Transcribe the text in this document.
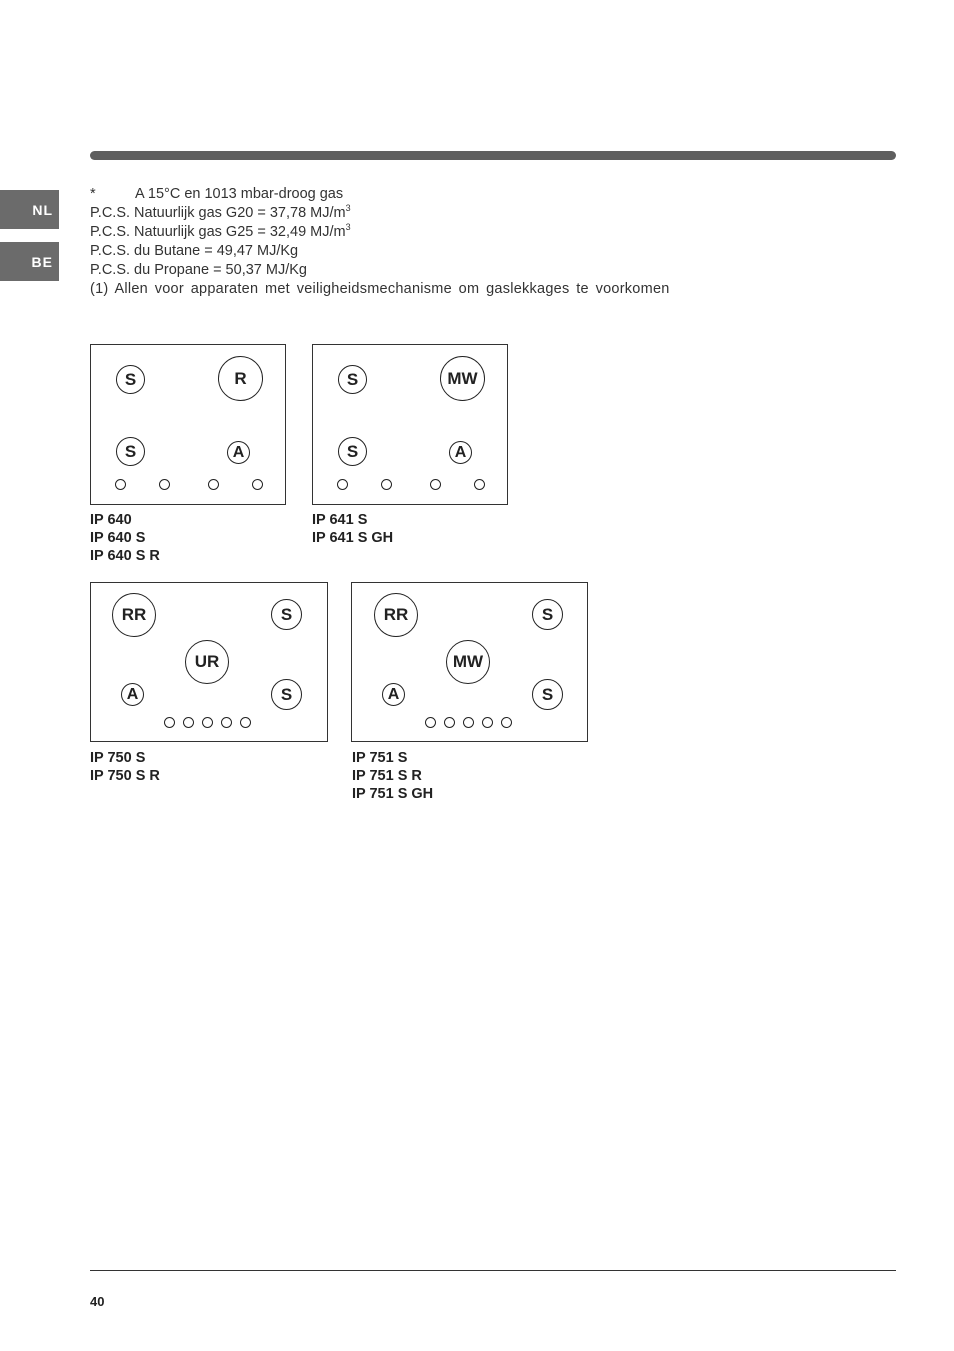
NL
BE
*	A 15°C en 1013 mbar-droog gas
P.C.S. Natuurlijk gas G20 = 37,78 $MJ/m^3$
P.C.S. Natuurlijk gas G25 = 32,49 $MJ/m^3$
P.C.S. du Butane = 49,47 MJ/Kg
P.C.S. du Propane = 50,37 MJ/Kg
(1) Allen voor apparaten met veiligheidsmechanisme om gaslekkages te voorkomen
S	R
S	A
IP 640
IP 640 S
IP 640 S R
S	MW
S	A
IP 641 S
IP 641 S GH
RR	S
UR
A	S
IP 750 S
IP 750 S R
RR	S
MW
A	S
IP 751 S
IP 751 S R
IP 751 S GH
40
